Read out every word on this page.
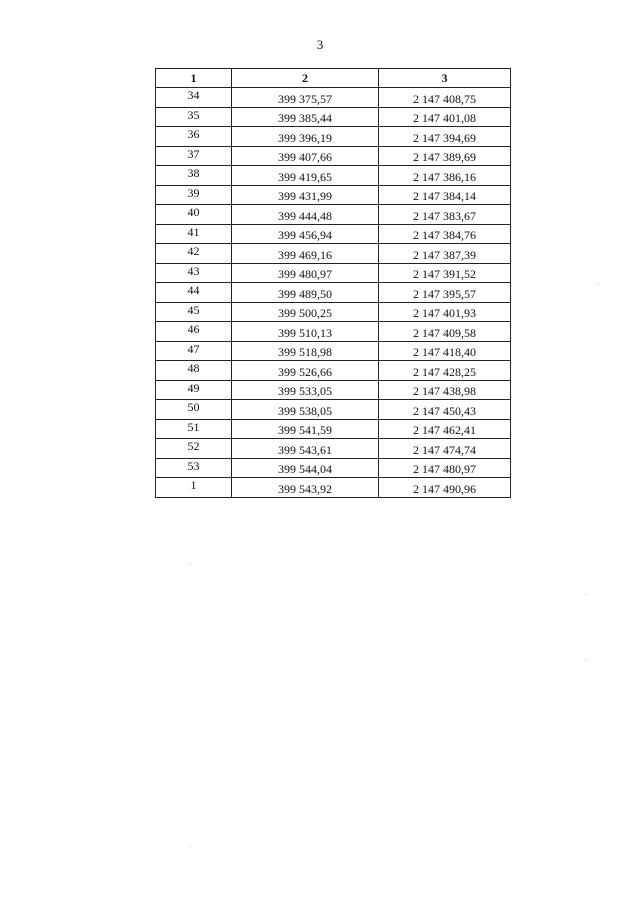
3
1	2	3
34	399 375,57	2 147 408,75
35	399 385,44	2 147 401,08
36	399 396,19	2 147 394,69
37	399 407,66	2 147 389,69
38	399 419,65	2 147 386,16
39	399 431,99	2 147 384,14
40	399 444,48	2 147 383,67
41	399 456,94	2 147 384,76
42	399 469,16	2 147 387,39
43	399 480,97	2 147 391,52
44	399 489,50	2 147 395,57
45	399 500,25	2 147 401,93
46	399 510,13	2 147 409,58
47	399 518,98	2 147 418,40
48	399 526,66	2 147 428,25
49	399 533,05	2 147 438,98
50	399 538,05	2 147 450,43
51	399 541,59	2 147 462,41
52	399 543,61	2 147 474,74
53	399 544,04	2 147 480,97
1	399 543,92	2 147 490,96
